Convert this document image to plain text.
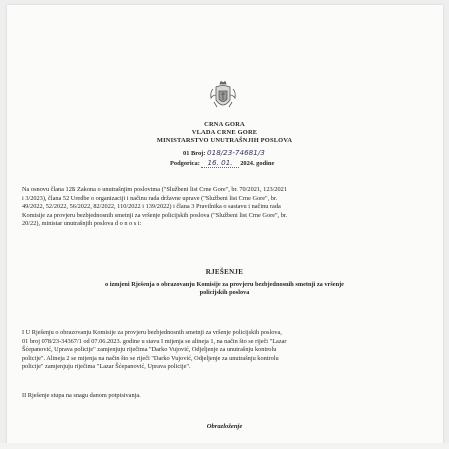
CRNA GORA
VLADA CRNE GORE
MINISTARSTVO UNUTRAŠNJIH POSLOVA
01 Broj: 018/23-74681/3
Podgorica: 16. 01. 2024. godine
Na osnovu člana 12Б Zakona o unutrašnjim poslovima ("Službeni list Crne Gore", br. 70/2021, 123/2021
i 3/2023), člana 52 Uredbe o organizaciji i načinu rada državne uprave ("Službeni list Crne Gore", br.
49/2022, 52/2022, 56/2022, 82/2022, 110/2022 i 139/2022) i člana 3 Pravilnika o sastavu i načinu rada
Komisije za provjeru bezbjednosnih smetnji za vršenje policijskih poslova ("Službeni list Crne Gore", br.
20/22), ministar unutrašnjih poslova d o n o s i:
RJEŠENJE
o izmjeni Rješenja o obrazovanju Komisije za provjeru bezbjednosnih smetnji za vršenje
policijskih poslova
I U Rješenju o obrazovanju Komisije za provjeru bezbjednosnih smetnji za vršenje policijskih poslova,
01 broj 078/23-34367/1 od 07.06.2023. godine u stavu I mijenja se alineja 1, na način što se riječi "Lazar
Šćepanović, Uprava policije" zamjenjuju riječima "Darko Vujović, Odjeljenje za unutrašnju kontrolu
policije". Alineja 2 se mijenja na način što se riječi "Darko Vujović, Odjeljenje za unutrašnju kontrolu
policije" zamjenjuju riječima "Lazar Šćepanović, Uprava policije".
II Rješenje stupa na snagu danom potpisivanja.
Obrazloženje
